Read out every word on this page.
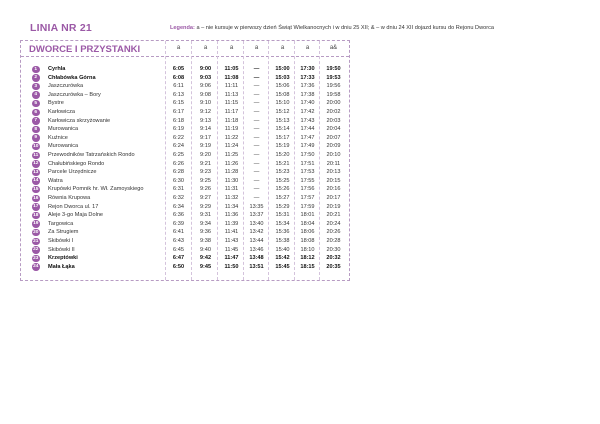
LINIA NR 21	Legenda: a – nie kursuje w pierwszy dzień Świąt Wielkanocnych i w dniu 25 XII; & – w dniu 24 XII dojazd kursu do Rejonu Dworca
DWORCE I PRZYSTANKI	a	a	a	a	a	a	a&
1	Cyrhla	6:05	9:00	11:05	—	15:00	17:30	19:50
2	Chłabówka Górna	6:08	9:03	11:08	—	15:03	17:33	19:53
3	Jaszczurówka	6:11	9:06	11:11	—	15:06	17:36	19:56
4	Jaszczurówka – Bory	6:13	9:08	11:13	—	15:08	17:38	19:58
5	Bystre	6:15	9:10	11:15	—	15:10	17:40	20:00
6	Karłowicza	6:17	9:12	11:17	—	15:12	17:42	20:02
7	Karłowicza skrzyżowanie	6:18	9:13	11:18	—	15:13	17:43	20:03
8	Murowanica	6:19	9:14	11:19	—	15:14	17:44	20:04
9	Kuźnice	6:22	9:17	11:22	—	15:17	17:47	20:07
10 Murowanica	6:24	9:19	11:24	—	15:19	17:49	20:09
11 Przewodników Tatrzańskich Rondo	6:25	9:20	11:25	—	15:20	17:50	20:10
12 Chałubińskiego Rondo	6:26	9:21	11:26	—	15:21	17:51	20:11
13 Parcele Urzędnicze	6:28	9:23	11:28	—	15:23	17:53	20:13
14 Watra	6:30	9:25	11:30	—	15:25	17:55	20:15
15 Krupówki Pomnik hr. Wł. Zamoyskiego	6:31	9:26	11:31	—	15:26	17:56	20:16
16 Równia Krupowa	6:32	9:27	11:32	—	15:27	17:57	20:17
17 Rejon Dworca ul. 17	6:34	9:29	11:34	13:35	15:29	17:59	20:19
18 Aleje 3-go Maja Dolne	6:36	9:31	11:36	13:37	15:31	18:01	20:21
19 Targowica	6:39	9:34	11:39	13:40	15:34	18:04	20:24
20 Za Strugiem	6:41	9:36	11:41	13:42	15:36	18:06	20:26
21 Skibówki I	6:43	9:38	11:43	13:44	15:38	18:08	20:28
22 Skibówki II	6:45	9:40	11:45	13:46	15:40	18:10	20:30
23 Krzeptówki	6:47	9:42	11:47	13:48	15:42	18:12	20:32
24 Mała Łąka	6:50	9:45	11:50	13:51	15:45	18:15	20:35
